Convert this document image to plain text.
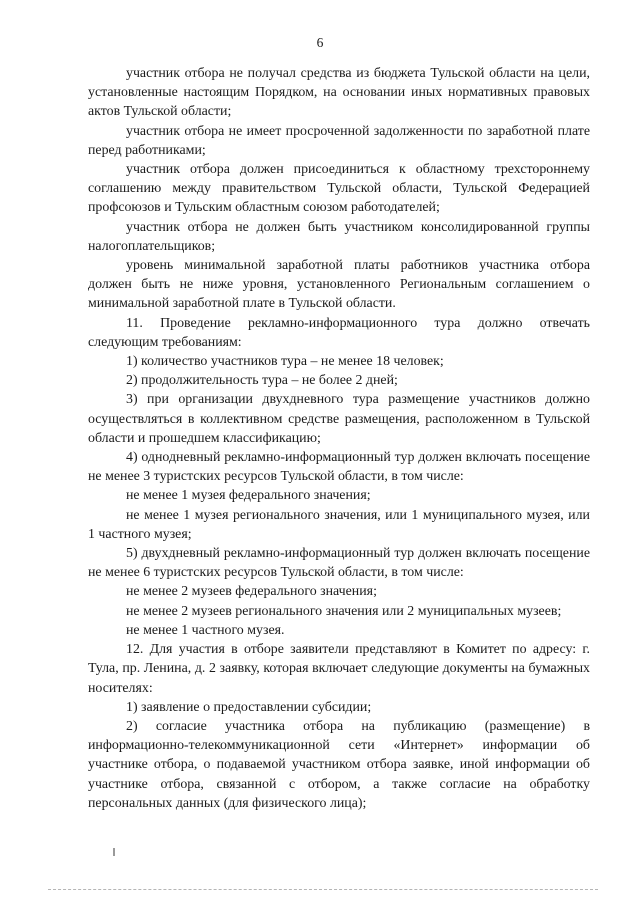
6

участник отбора не получал средства из бюджета Тульской области на цели, установленные настоящим Порядком, на основании иных нормативных правовых актов Тульской области;

участник отбора не имеет просроченной задолженности по заработной плате перед работниками;

участник отбора должен присоединиться к областному трехстороннему соглашению между правительством Тульской области, Тульской Федерацией профсоюзов и Тульским областным союзом работодателей;

участник отбора не должен быть участником консолидированной группы налогоплательщиков;

уровень минимальной заработной платы работников участника отбора должен быть не ниже уровня, установленного Региональным соглашением о минимальной заработной плате в Тульской области.

11. Проведение рекламно-информационного тура должно отвечать следующим требованиям:

1) количество участников тура – не менее 18 человек;

2) продолжительность тура – не более 2 дней;

3) при организации двухдневного тура размещение участников должно осуществляться в коллективном средстве размещения, расположенном в Тульской области и прошедшем классификацию;

4) однодневный рекламно-информационный тур должен включать посещение не менее 3 туристских ресурсов Тульской области, в том числе:

не менее 1 музея федерального значения;

не менее 1 музея регионального значения, или 1 муниципального музея, или 1 частного музея;

5) двухдневный рекламно-информационный тур должен включать посещение не менее 6 туристских ресурсов Тульской области, в том числе:

не менее 2 музеев федерального значения;

не менее 2 музеев регионального значения или 2 муниципальных музеев;

не менее 1 частного музея.

12. Для участия в отборе заявители представляют в Комитет по адресу: г. Тула, пр. Ленина, д. 2 заявку, которая включает следующие документы на бумажных носителях:

1) заявление о предоставлении субсидии;

2) согласие участника отбора на публикацию (размещение) в информационно-телекоммуникационной сети «Интернет» информации об участнике отбора, о подаваемой участником отбора заявке, иной информации об участнике отбора, связанной с отбором, а также согласие на обработку персональных данных (для физического лица);
